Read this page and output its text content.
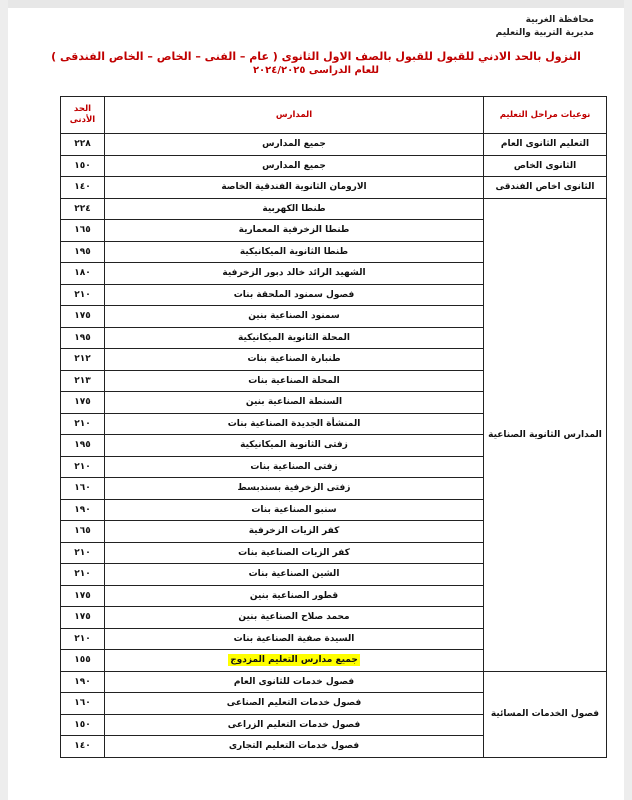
محافظة الغربية
مديرية التربية والتعليم
النزول بالحد الادني للقبول للقبول بالصف الاول الثانوى ( عام – الفنى – الخاص – الخاص الفندقى )
للعام الدراسى ٢٠٢٤/٢٠٢٥
الحد الأدنى	المدارس	نوعيات مراحل التعليم
٢٢٨	جميع المدارس	التعليم الثانوى العام
١٥٠	جميع المدارس	الثانوى الخاص
١٤٠	الارومان الثانوية الفندقية الخاصة	الثانوى اخاص الفندقى
٢٢٤	طنطا الكهربية	المدارس الثانوية الصناعية
١٦٥	طنطا الزخرفية المعمارية	
١٩٥	طنطا الثانوية الميكانيكية	
١٨٠	الشهيد الرائد خالد دبور الزخرفية	
٢١٠	فصول سمنود الملحقة بنات	
١٧٥	سمنود الصناعية بنين	
١٩٥	المحلة الثانوية الميكانيكية	
٢١٢	طنبارة الصناعية بنات	
٢١٣	المحلة الصناعية بنات	
١٧٥	السنطة الصناعية بنين	
٢١٠	المنشأة الجديدة الصناعية بنات	
١٩٥	زفتى الثانوية الميكانيكية	
٢١٠	زفتى الصناعية بنات	
١٦٠	زفتى الزخرفية بسندبسط	
١٩٠	سنبو الصناعية بنات	
١٦٥	كفر الزيات الزخرفية	
٢١٠	كفر الزيات الصناعية بنات	
٢١٠	الشين الصناعية بنات	
١٧٥	قطور الصناعية بنين	
١٧٥	محمد صلاح الصناعية بنين	
٢١٠	السيدة صفية الصناعية بنات	
١٥٥	جميع مدارس التعليم المزدوج	
١٩٠	فصول خدمات للثانوى العام	فصول الخدمات المسائية
١٦٠	فصول خدمات التعليم الصناعى	
١٥٠	فصول خدمات التعليم الزراعى	
١٤٠	فصول خدمات التعليم التجارى	
